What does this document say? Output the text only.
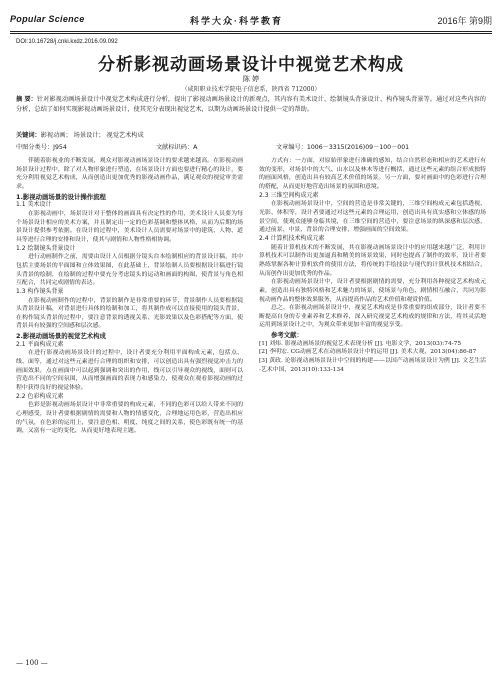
Popular Science	科学大众·科学教育	2016年 第9期
DOI:10.16728/j.cnki.kxdz.2016.09.092
分析影视动画场景设计中视觉艺术构成
陈 婷
（咸阳职业技术学院电子信息系，陕西省 712000）
摘 要：针对影视动画场景设计中视觉艺术构成进行分析，提出了影视动画场景设计的新观点，其内容有美术设计、绘制镜头背景设计、构作镜头背景等。通过对这些内容的分析，总结了如何实现影视动画场景设计，使其充分表现出视觉艺术，以期为动画场景设计提供一定的帮助。
关键词：影视动画； 场景设计； 视觉艺术构成
中图分类号：J954	文献标识码：A	文章编号：1006－3315(2016)09－100－001

伴随着影视业的不断发展，观众对影视动画场景设计的要求越来越高。在影视动画场景设计过程中，除了对人物形象进行塑造，在场景设计方面也要进行精心的设计，要充分利用视觉艺术构成，从而创造出更加优秀的影视动画作品，满足观众的视觉审美需求。

1.影视动画场景的设计操作流程
1.1 美术设计

在影视动画中，场景设计对于整体的画面具有决定性的作用，美术设计人员要为每个场景设计相应的美术方案，并且制定出一定的色彩基调和整体风格，从而为后期的场景设计提供参考依据。在设计的过程中，美术设计人员需要对场景中的建筑、人物、道具等进行合理的安排和设计，使其与剧情和人物性格相协调。

1.2 绘制镜头背景设计

进行动画制作之前，需要由设计人员根据分镜头台本绘制相应的背景设计稿，其中包括主要场景的平面图和立体效果图，在此基础上，背景绘制人员要根据设计稿进行镜头背景的绘制，在绘制的过程中要充分考虑镜头的运动和画面的构图，使背景与角色相互配合，共同完成剧情的表达。

1.3 构作镜头背景

在影视动画制作的过程中，背景的制作是非常重要的环节，背景制作人员要根据镜头背景设计稿，对背景进行具体的绘制和加工，将其制作成可以直接使用的镜头背景，在构作镜头背景的过程中，要注意背景的透视关系、光影效果以及色彩搭配等方面，使背景具有较强的空间感和层次感。

2.影视动画场景的视觉艺术构成
2.1 平面构成元素

在进行影视动画场景设计的过程中，设计者要充分利用平面构成元素，包括点、线、面等，通过对这些元素进行合理的组织和安排，可以创造出具有强烈视觉冲击力的画面效果，点在画面中可以起到强调和突出的作用，线可以引导观众的视线，面则可以营造出不同的空间氛围，从而增强画面的表现力和感染力，使观众在观看影视动画的过程中获得良好的视觉体验。

2.2 色彩构成元素

色彩是影视动画场景设计中非常重要的构成元素，不同的色彩可以给人带来不同的心理感受，设计者要根据剧情的需要和人物的情感变化，合理地运用色彩，营造出相应的气氛，在色彩的运用上，要注意色相、明度、纯度之间的关系，使色彩既有统一的基调，又富有一定的变化，从而更好地表现主题。

方式有：一方面，对原始形象进行准确的感知，结合自然形态和相应的艺术进行有效的变形，对场景中的大气、山水以及林木等进行概括，通过这些元素的组合形成独特的画面风格，创造出具有较高艺术价值的场景。另一方面，要对画面中的色彩进行合理的搭配，从而更好地营造出场景的氛围和意境。

2.3 三维空间构成元素

在影视动画场景设计中，空间的营造是非常关键的，三维空间构成元素包括透视、光影、体积等，设计者要通过对这些元素的合理运用，创造出具有真实感和立体感的场景空间，使观众能够身临其境，在三维空间的营造中，要注意场景的纵深感和层次感，通过前景、中景、背景的合理安排，增强画面的空间效果。

2.4 计算机技术构成元素

随着计算机技术的不断发展，其在影视动画场景设计中的应用越来越广泛，利用计算机技术可以制作出更加逼真和精美的场景效果，同时也提高了制作的效率，设计者要熟练掌握各种计算机软件的使用方法，将传统的手绘技法与现代的计算机技术相结合，从而创作出更加优秀的作品。

在影视动画场景设计中，设计者要根据剧情的需要，充分利用各种视觉艺术构成元素，创造出具有独特风格和艺术魅力的场景，使场景与角色、剧情相互融合，共同为影视动画作品的整体效果服务，从而提高作品的艺术价值和观赏价值。

总之，在影视动画场景设计中，视觉艺术构成是非常重要的组成部分，设计者要不断提高自身的专业素养和艺术修养，深入研究视觉艺术构成的规律和方法，将其灵活地运用到场景设计之中，为观众带来更加丰富的视觉享受。

参考文献：

[1] 刘炜. 影视动画场景的视觉艺术表现分析 [J]. 电影文学，2013(03):74-75

[2] 李明宏. CG动画艺术在动画场景设计中的运用 [J]. 美术大观，2013(04):86-87

[3] 黄政. 论影视动画场景设计中空间的构建——以国产动画场景设计为例 [J]. 文艺生活·艺术中国，2013(10):133-134

— 100 —
